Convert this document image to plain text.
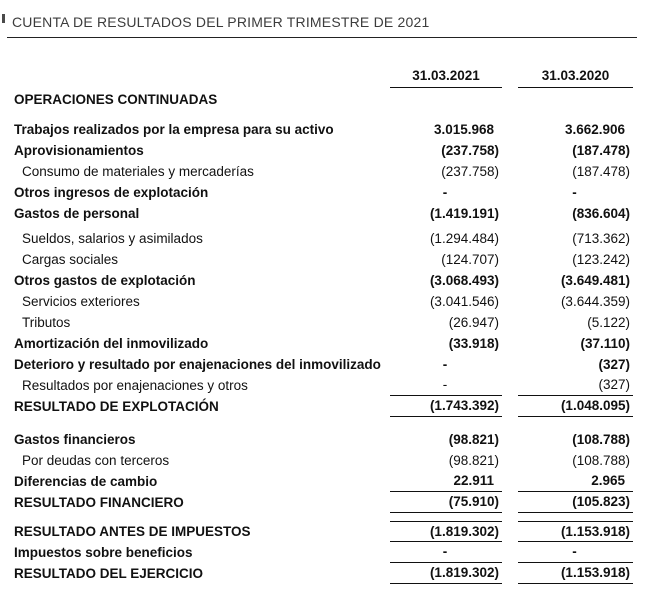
CUENTA DE RESULTADOS DEL PRIMER TRIMESTRE DE 2021
31.03.2021	31.03.2020
OPERACIONES CONTINUADAS
Trabajos realizados por la empresa para su activo	3.015.968	3.662.906
Aprovisionamientos	(237.758)	(187.478)
Consumo de materiales y mercaderías	(237.758)	(187.478)
Otros ingresos de explotación	-	-
Gastos de personal	(1.419.191)	(836.604)
Sueldos, salarios y asimilados	(1.294.484)	(713.362)
Cargas sociales	(124.707)	(123.242)
Otros gastos de explotación	(3.068.493)	(3.649.481)
Servicios exteriores	(3.041.546)	(3.644.359)
Tributos	(26.947)	(5.122)
Amortización del inmovilizado	(33.918)	(37.110)
Deterioro y resultado por enajenaciones del inmovilizado	-	(327)
Resultados por enajenaciones y otros	-	(327)
RESULTADO DE EXPLOTACIÓN	(1.743.392)	(1.048.095)
Gastos financieros	(98.821)	(108.788)
Por deudas con terceros	(98.821)	(108.788)
Diferencias de cambio	22.911	2.965
RESULTADO FINANCIERO	(75.910)	(105.823)
RESULTADO ANTES DE IMPUESTOS	(1.819.302)	(1.153.918)
Impuestos sobre beneficios	-	-
RESULTADO DEL EJERCICIO	(1.819.302)	(1.153.918)
